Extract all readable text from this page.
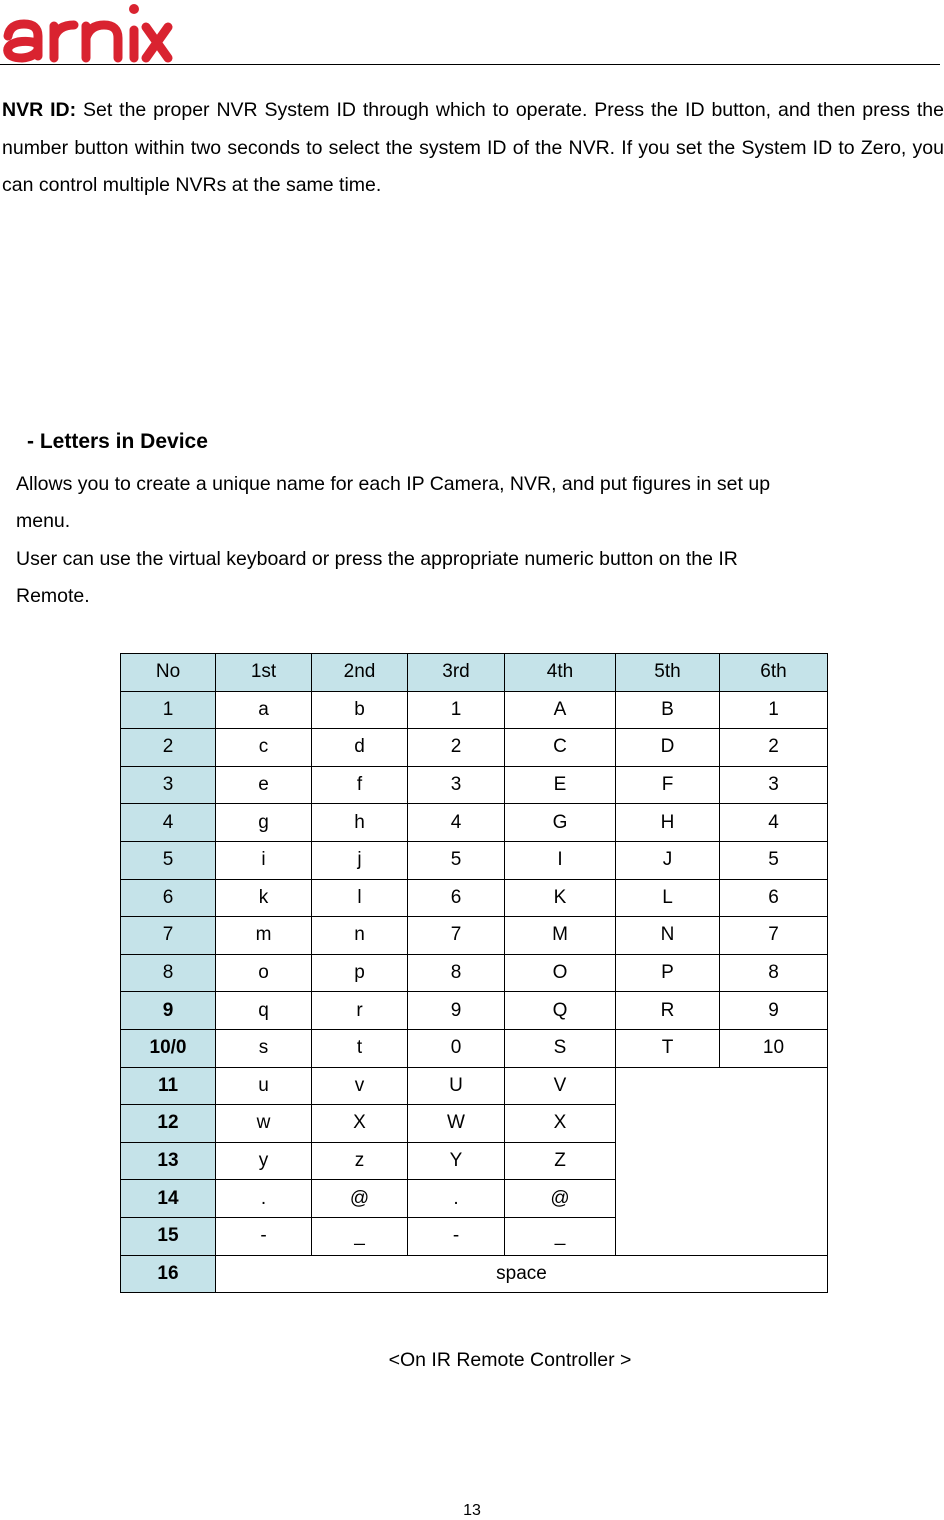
NVR ID: Set the proper NVR System ID through which to operate. Press the ID button, and then press the number button within two seconds to select the system ID of the NVR. If you set the System ID to Zero, you can control multiple NVRs at the same time.

- Letters in Device

Allows you to create a unique name for each IP Camera, NVR, and put figures in set up
menu.
User can use the virtual keyboard or press the appropriate numeric button on the IR
Remote.

No	1st	2nd	3rd	4th	5th	6th
1	a	b	1	A	B	1
2	c	d	2	C	D	2
3	e	f	3	E	F	3
4	g	h	4	G	H	4
5	i	j	5	I	J	5
6	k	l	6	K	L	6
7	m	n	7	M	N	7
8	o	p	8	O	P	8
9	q	r	9	Q	R	9
10/0	s	t	0	S	T	10
11	u	v	U	V		
12	w	X	W	X		
13	y	z	Y	Z		
14	.	@	.	@		
15	-	_	-	_		
16	space					

<On IR Remote Controller >

13
